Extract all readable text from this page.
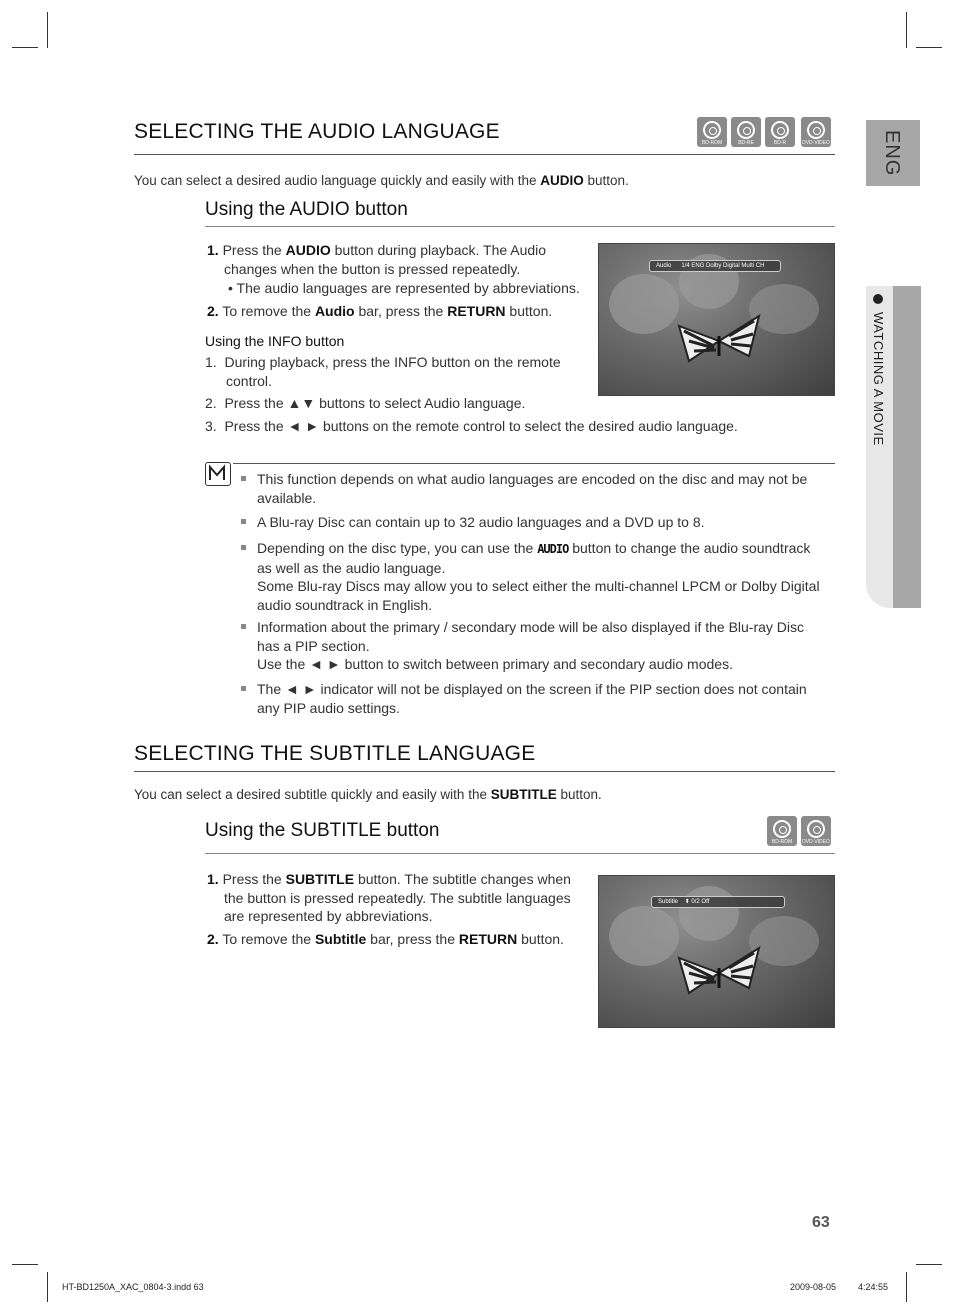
ENG
WATCHING A MOVIE
SELECTING THE AUDIO LANGUAGE	BD-ROM	BD-RE	BD-R	DVD-VIDEO
You can select a desired audio language quickly and easily with the AUDIO button.
Using the AUDIO button
1. Press the AUDIO button during playback. The Audio
changes when the button is pressed repeatedly.
• The audio languages are represented by abbreviations.
2. To remove the Audio bar, press the RETURN button.
Using the INFO button
1. During playback, press the INFO button on the remote
control.
2. Press the ▲▼ buttons to select Audio language.
3. Press the ◄ ► buttons on the remote control to select the desired audio language.
Audio 1/4 ENG Dolby Digital Multi CH
This function depends on what audio languages are encoded on the disc and may not be
available.
A Blu-ray Disc can contain up to 32 audio languages and a DVD up to 8.
Depending on the disc type, you can use the AUDIO button to change the audio soundtrack
as well as the audio language.
Some Blu-ray Discs may allow you to select either the multi-channel LPCM or Dolby Digital
audio soundtrack in English.
Information about the primary / secondary mode will be also displayed if the Blu-ray Disc
has a PIP section.
Use the ◄ ► button to switch between primary and secondary audio modes.
The ◄ ► indicator will not be displayed on the screen if the PIP section does not contain
any PIP audio settings.
SELECTING THE SUBTITLE LANGUAGE
You can select a desired subtitle quickly and easily with the SUBTITLE button.
Using the SUBTITLE button
BD-ROM	DVD-VIDEO
1. Press the SUBTITLE button. The subtitle changes when
the button is pressed repeatedly. The subtitle languages
are represented by abbreviations.
2. To remove the Subtitle bar, press the RETURN button.
Subtitle ⬍ 0/2 Off
63
HT-BD1250A_XAC_0804-3.indd 63	2009-08-05 4:24:55
